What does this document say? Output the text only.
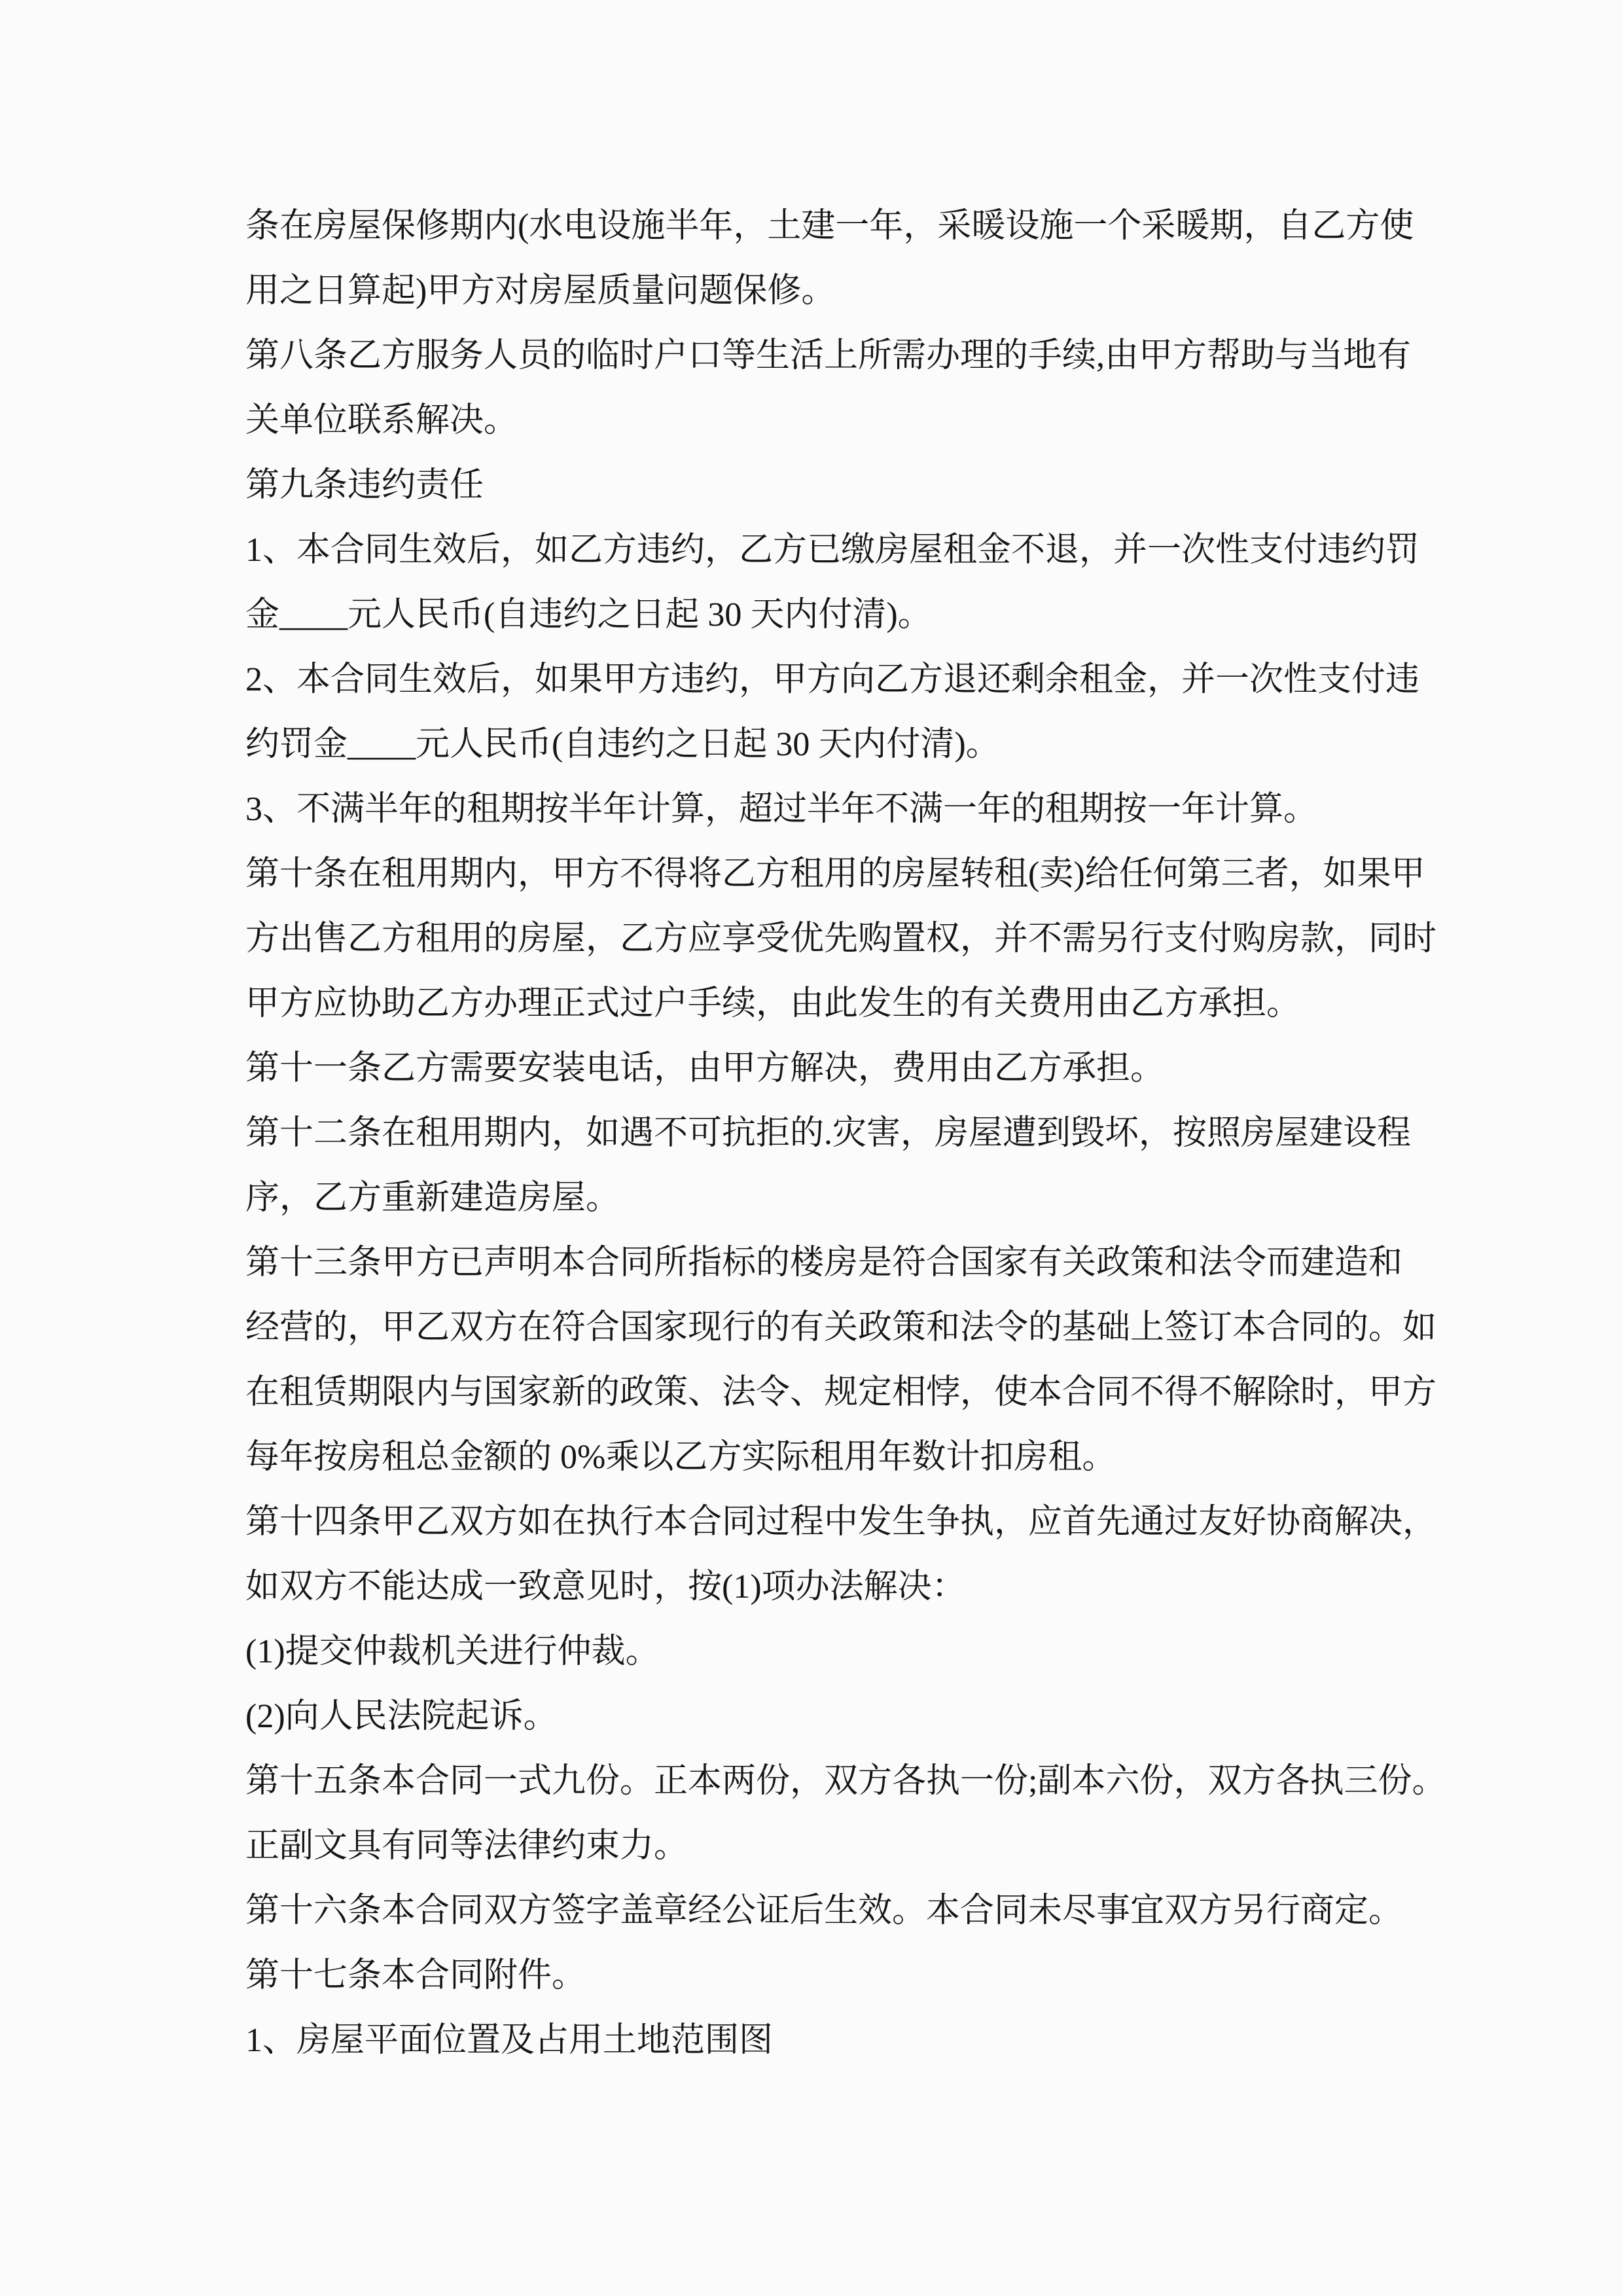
条在房屋保修期内(水电设施半年，土建一年，采暖设施一个采暖期，自乙方使
用之日算起)甲方对房屋质量问题保修。
第八条乙方服务人员的临时户口等生活上所需办理的手续,由甲方帮助与当地有
关单位联系解决。
第九条违约责任
1、本合同生效后，如乙方违约，乙方已缴房屋租金不退，并一次性支付违约罚
金____元人民币(自违约之日起 30 天内付清)。
2、本合同生效后，如果甲方违约，甲方向乙方退还剩余租金，并一次性支付违
约罚金____元人民币(自违约之日起 30 天内付清)。
3、不满半年的租期按半年计算，超过半年不满一年的租期按一年计算。
第十条在租用期内，甲方不得将乙方租用的房屋转租(卖)给任何第三者，如果甲
方出售乙方租用的房屋，乙方应享受优先购置权，并不需另行支付购房款，同时
甲方应协助乙方办理正式过户手续，由此发生的有关费用由乙方承担。
第十一条乙方需要安装电话，由甲方解决，费用由乙方承担。
第十二条在租用期内，如遇不可抗拒的.灾害，房屋遭到毁坏，按照房屋建设程
序，乙方重新建造房屋。
第十三条甲方已声明本合同所指标的楼房是符合国家有关政策和法令而建造和
经营的，甲乙双方在符合国家现行的有关政策和法令的基础上签订本合同的。如
在租赁期限内与国家新的政策、法令、规定相悖，使本合同不得不解除时，甲方
每年按房租总金额的 0%乘以乙方实际租用年数计扣房租。
第十四条甲乙双方如在执行本合同过程中发生争执，应首先通过友好协商解决，
如双方不能达成一致意见时，按(1)项办法解决：
(1)提交仲裁机关进行仲裁。
(2)向人民法院起诉。
第十五条本合同一式九份。正本两份，双方各执一份;副本六份，双方各执三份。
正副文具有同等法律约束力。
第十六条本合同双方签字盖章经公证后生效。本合同未尽事宜双方另行商定。
第十七条本合同附件。
1、房屋平面位置及占用土地范围图
